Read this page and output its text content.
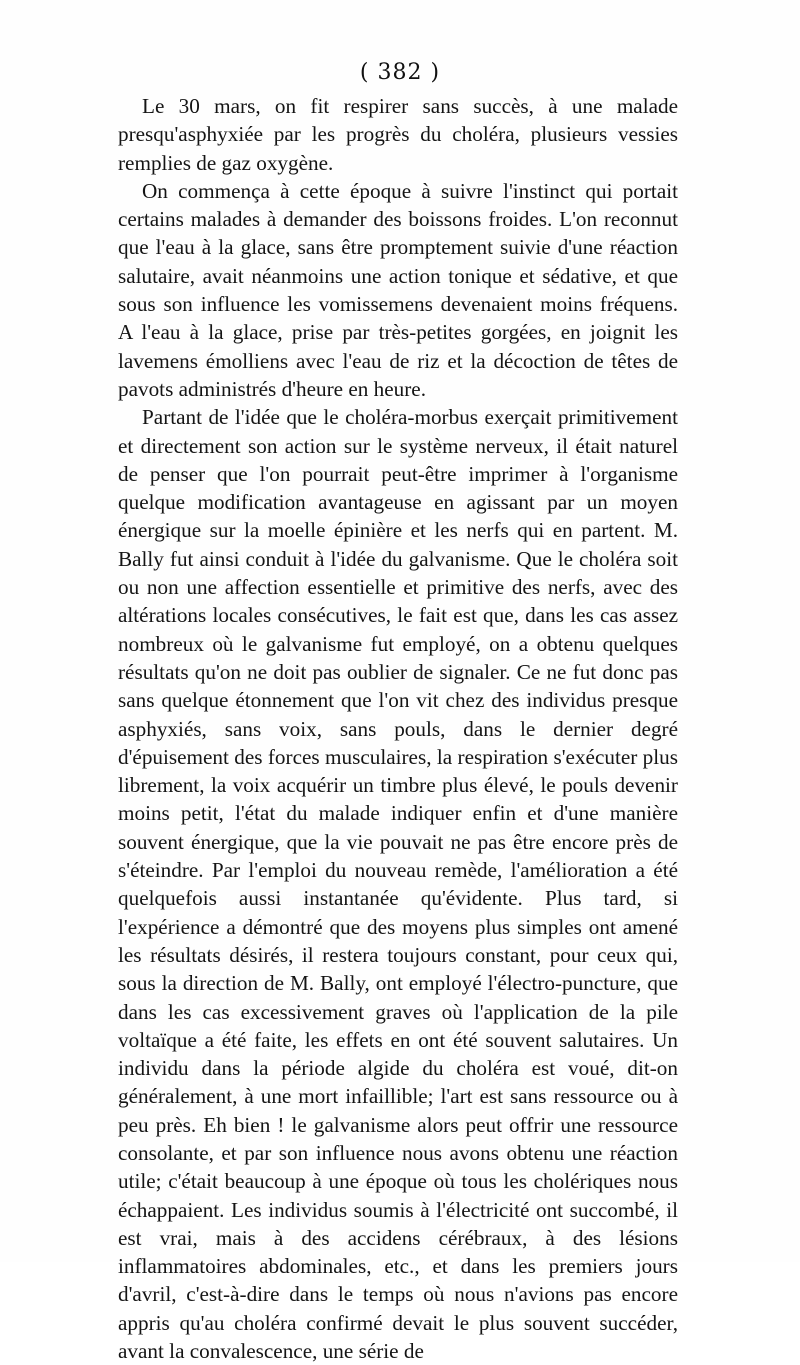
( 382 )

Le 30 mars, on fit respirer sans succès, à une malade presqu'asphyxiée par les progrès du choléra, plusieurs vessies remplies de gaz oxygène.

On commença à cette époque à suivre l'instinct qui portait certains malades à demander des boissons froides. L'on reconnut que l'eau à la glace, sans être promptement suivie d'une réaction salutaire, avait néanmoins une action tonique et sédative, et que sous son influence les vomissemens devenaient moins fréquens. A l'eau à la glace, prise par très-petites gorgées, en joignit les lavemens émolliens avec l'eau de riz et la décoction de têtes de pavots administrés d'heure en heure.

Partant de l'idée que le choléra-morbus exerçait primitivement et directement son action sur le système nerveux, il était naturel de penser que l'on pourrait peut-être imprimer à l'organisme quelque modification avantageuse en agissant par un moyen énergique sur la moelle épinière et les nerfs qui en partent. M. Bally fut ainsi conduit à l'idée du galvanisme. Que le choléra soit ou non une affection essentielle et primitive des nerfs, avec des altérations locales consécutives, le fait est que, dans les cas assez nombreux où le galvanisme fut employé, on a obtenu quelques résultats qu'on ne doit pas oublier de signaler. Ce ne fut donc pas sans quelque étonnement que l'on vit chez des individus presque asphyxiés, sans voix, sans pouls, dans le dernier degré d'épuisement des forces musculaires, la respiration s'exécuter plus librement, la voix acquérir un timbre plus élevé, le pouls devenir moins petit, l'état du malade indiquer enfin et d'une manière souvent énergique, que la vie pouvait ne pas être encore près de s'éteindre. Par l'emploi du nouveau remède, l'amélioration a été quelquefois aussi instantanée qu'évidente. Plus tard, si l'expérience a démontré que des moyens plus simples ont amené les résultats désirés, il restera toujours constant, pour ceux qui, sous la direction de M. Bally, ont employé l'électro-puncture, que dans les cas excessivement graves où l'application de la pile voltaïque a été faite, les effets en ont été souvent salutaires. Un individu dans la période algide du choléra est voué, dit-on généralement, à une mort infaillible; l'art est sans ressource ou à peu près. Eh bien ! le galvanisme alors peut offrir une ressource consolante, et par son influence nous avons obtenu une réaction utile; c'était beaucoup à une époque où tous les cholériques nous échappaient. Les individus soumis à l'électricité ont succombé, il est vrai, mais à des accidens cérébraux, à des lésions inflammatoires abdominales, etc., et dans les premiers jours d'avril, c'est-à-dire dans le temps où nous n'avions pas encore appris qu'au choléra confirmé devait le plus souvent succéder, avant la convalescence, une série de
